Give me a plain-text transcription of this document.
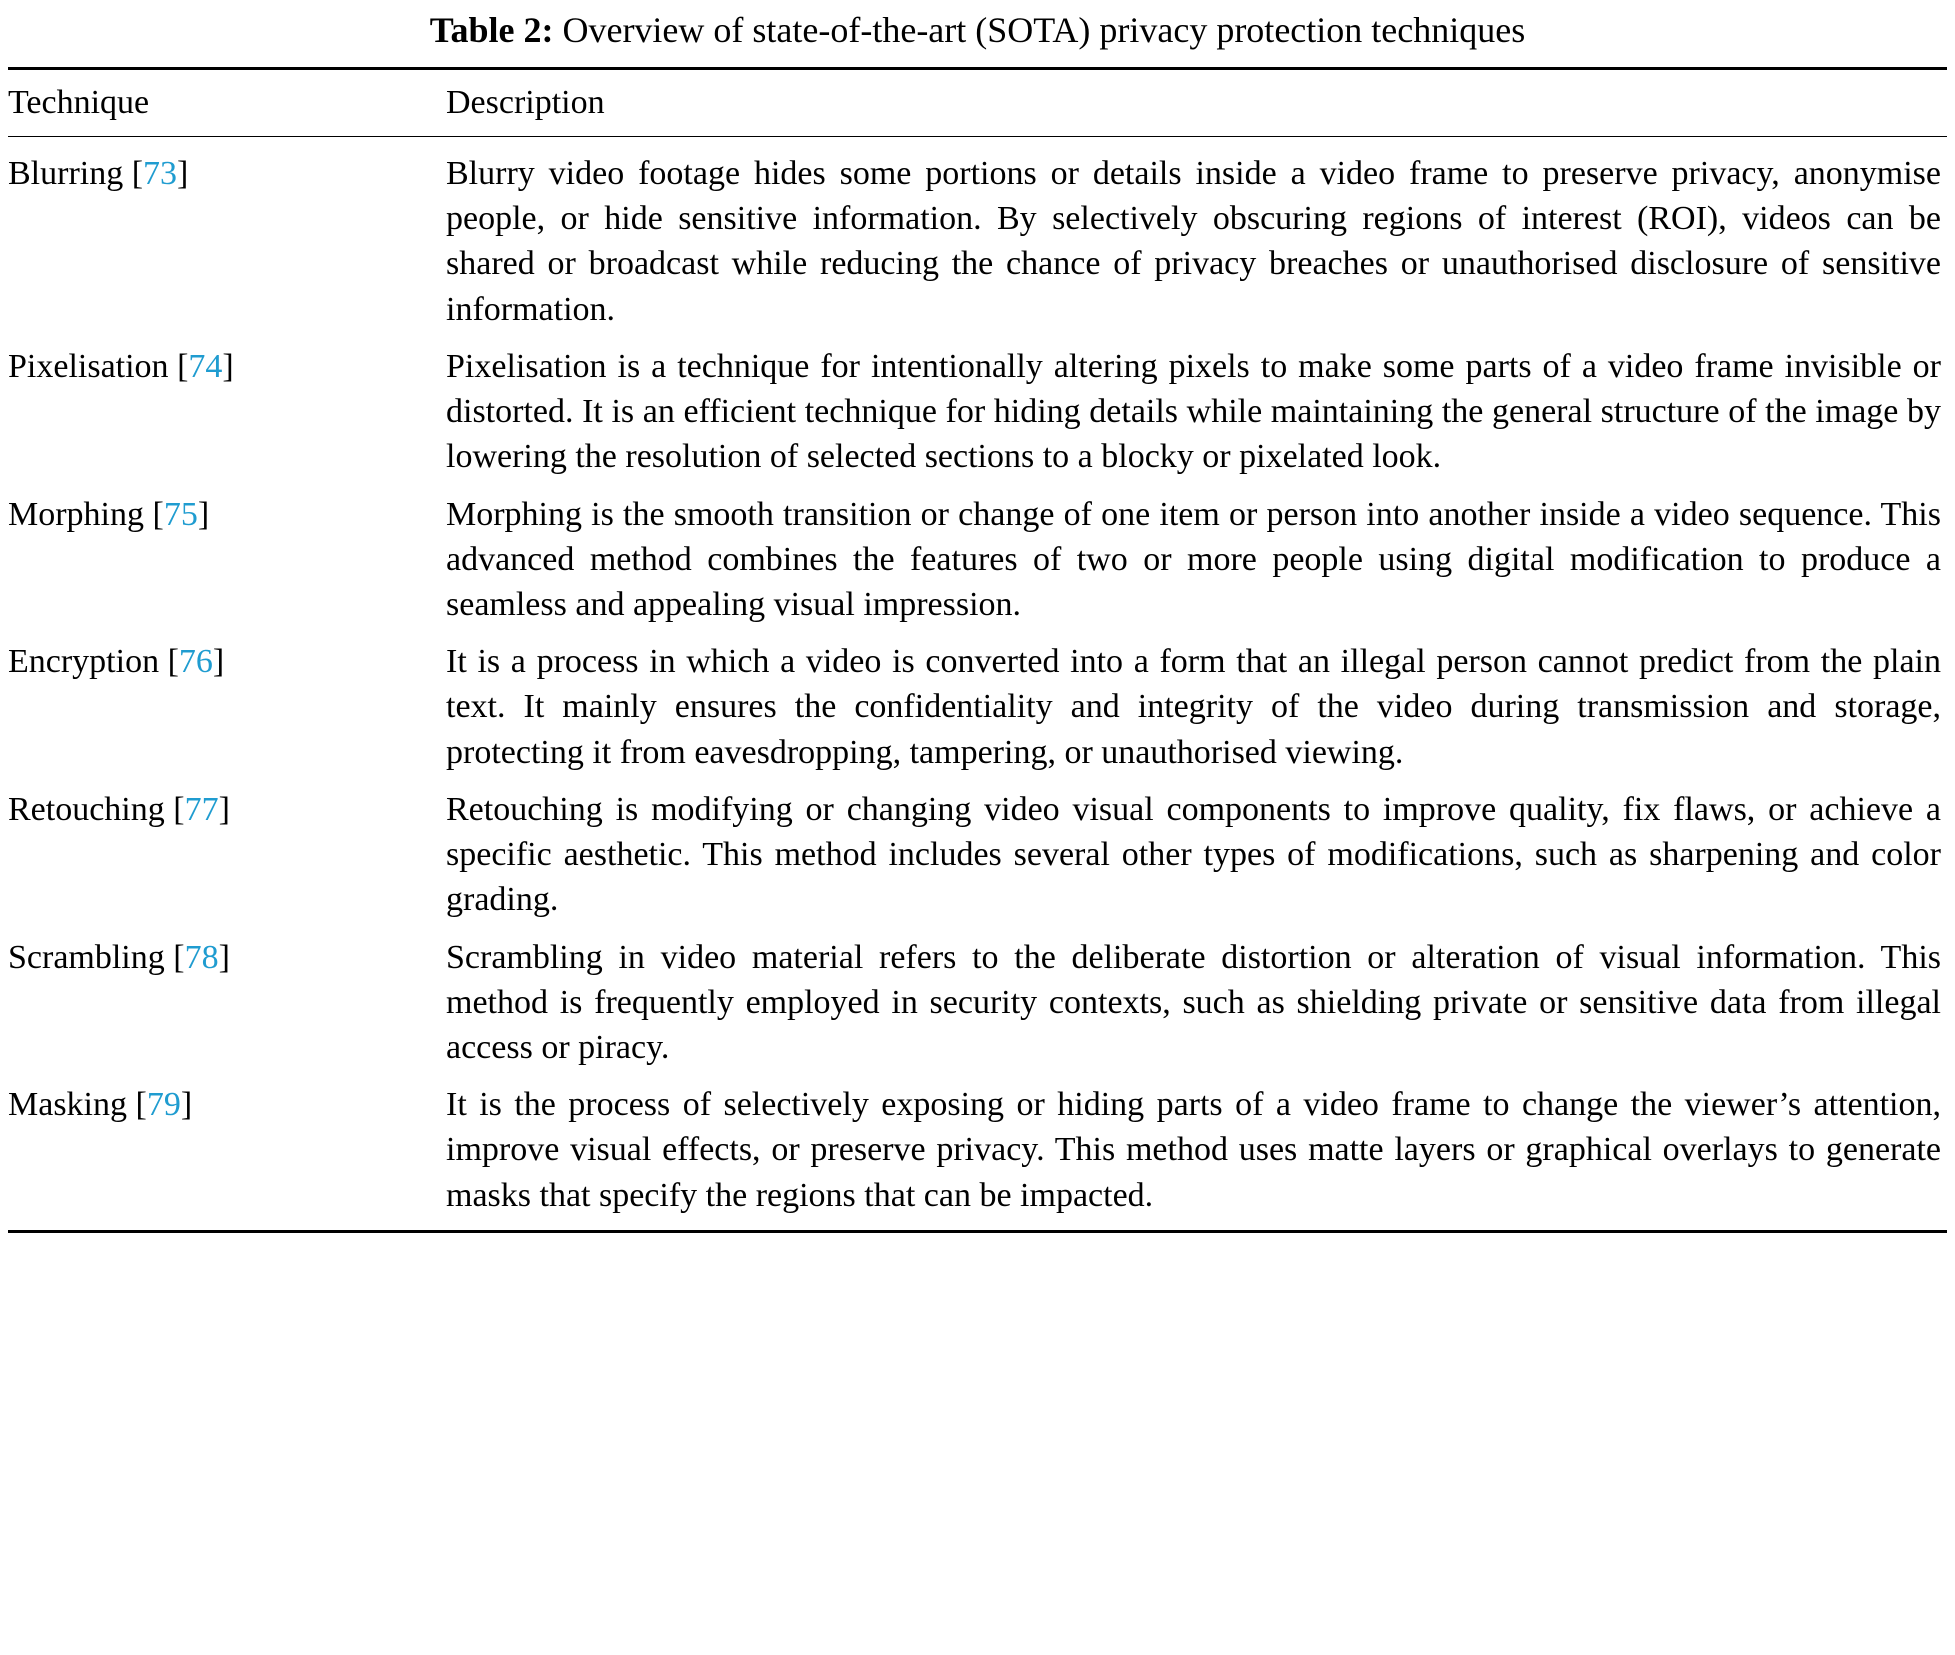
Table 2: Overview of state-of-the-art (SOTA) privacy protection techniques
Technique	Description
Blurring [73]	Blurry video footage hides some portions or details inside a video frame to preserve privacy, anonymise people, or hide sensitive information. By selectively obscuring regions of interest (ROI), videos can be shared or broadcast while reducing the chance of privacy breaches or unauthorised disclosure of sensitive information.

Pixelisation [74]	Pixelisation is a technique for intentionally altering pixels to make some parts of a video frame invisible or distorted. It is an efficient technique for hiding details while maintaining the general structure of the image by lowering the resolution of selected sections to a blocky or pixelated look.

Morphing [75]	Morphing is the smooth transition or change of one item or person into another inside a video sequence. This advanced method combines the features of two or more people using digital modification to produce a seamless and appealing visual impression.

Encryption [76]	It is a process in which a video is converted into a form that an illegal person cannot predict from the plain text. It mainly ensures the confidentiality and integrity of the video during transmission and storage, protecting it from eavesdropping, tampering, or unauthorised viewing.

Retouching [77]	Retouching is modifying or changing video visual components to improve quality, fix flaws, or achieve a specific aesthetic. This method includes several other types of modifications, such as sharpening and color grading.

Scrambling [78]	Scrambling in video material refers to the deliberate distortion or alteration of visual information. This method is frequently employed in security contexts, such as shielding private or sensitive data from illegal access or piracy.

Masking [79]	It is the process of selectively exposing or hiding parts of a video frame to change the viewer’s attention, improve visual effects, or preserve privacy. This method uses matte layers or graphical overlays to generate masks that specify the regions that can be impacted.
